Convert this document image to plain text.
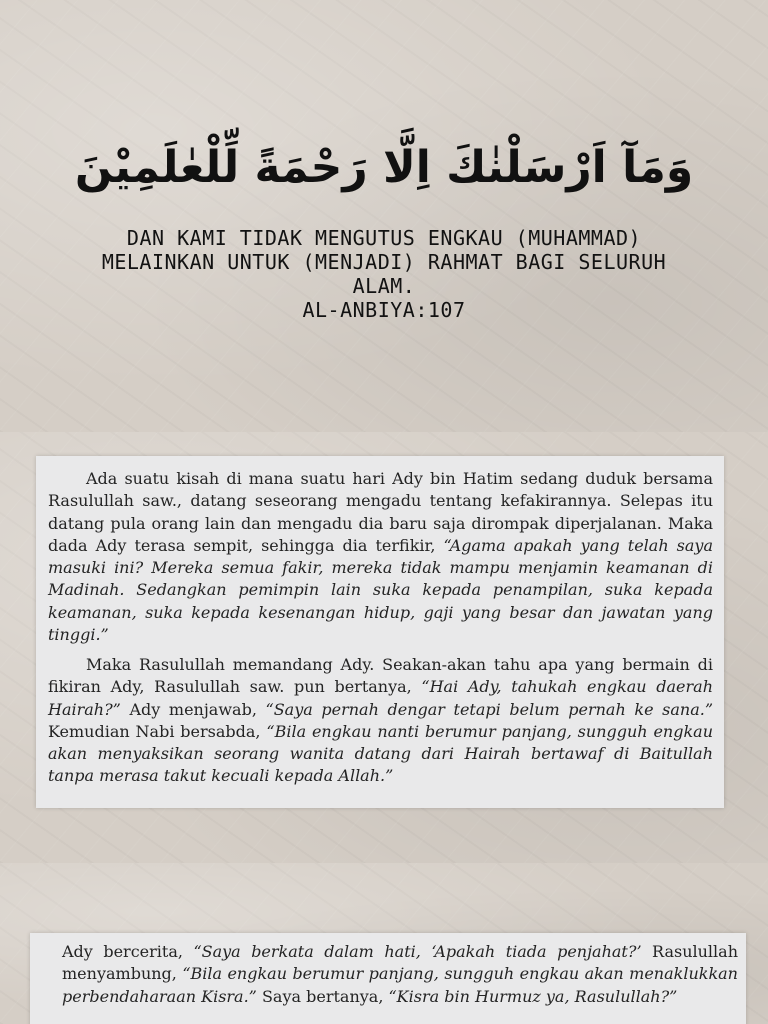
وَمَآ اَرْسَلْنٰكَ اِلَّا رَحْمَةً لِّلْعٰلَمِيْنَ
DAN KAMI TIDAK MENGUTUS ENGKAU (MUHAMMAD)
MELAINKAN UNTUK (MENJADI) RAHMAT BAGI SELURUH
ALAM.
AL-ANBIYA:107

Ada suatu kisah di mana suatu hari Ady bin Hatim sedang duduk bersama Rasulullah saw., datang seseorang mengadu tentang kefakirannya. Selepas itu datang pula orang lain dan mengadu dia baru saja dirompak diperjalanan. Maka dada Ady terasa sempit, sehingga dia terfikir, “Agama apakah yang telah saya masuki ini? Mereka semua fakir, mereka tidak mampu menjamin keamanan di Madinah. Sedangkan pemimpin lain suka kepada penampilan, suka kepada keamanan, suka kepada kesenangan hidup, gaji yang besar dan jawatan yang tinggi.”

Maka Rasulullah memandang Ady. Seakan-akan tahu apa yang bermain di fikiran Ady, Rasulullah saw. pun bertanya, “Hai Ady, tahukah engkau daerah Hairah?” Ady menjawab, “Saya pernah dengar tetapi belum pernah ke sana.” Kemudian Nabi bersabda, “Bila engkau nanti berumur panjang, sungguh engkau akan menyaksikan seorang wanita datang dari Hairah bertawaf di Baitullah tanpa merasa takut kecuali kepada Allah.”

Ady bercerita, “Saya berkata dalam hati, ‘Apakah tiada penjahat?’ Rasulullah menyambung, “Bila engkau berumur panjang, sungguh engkau akan menaklukkan perbendaharaan Kisra.” Saya bertanya, “Kisra bin Hurmuz ya, Rasulullah?”
